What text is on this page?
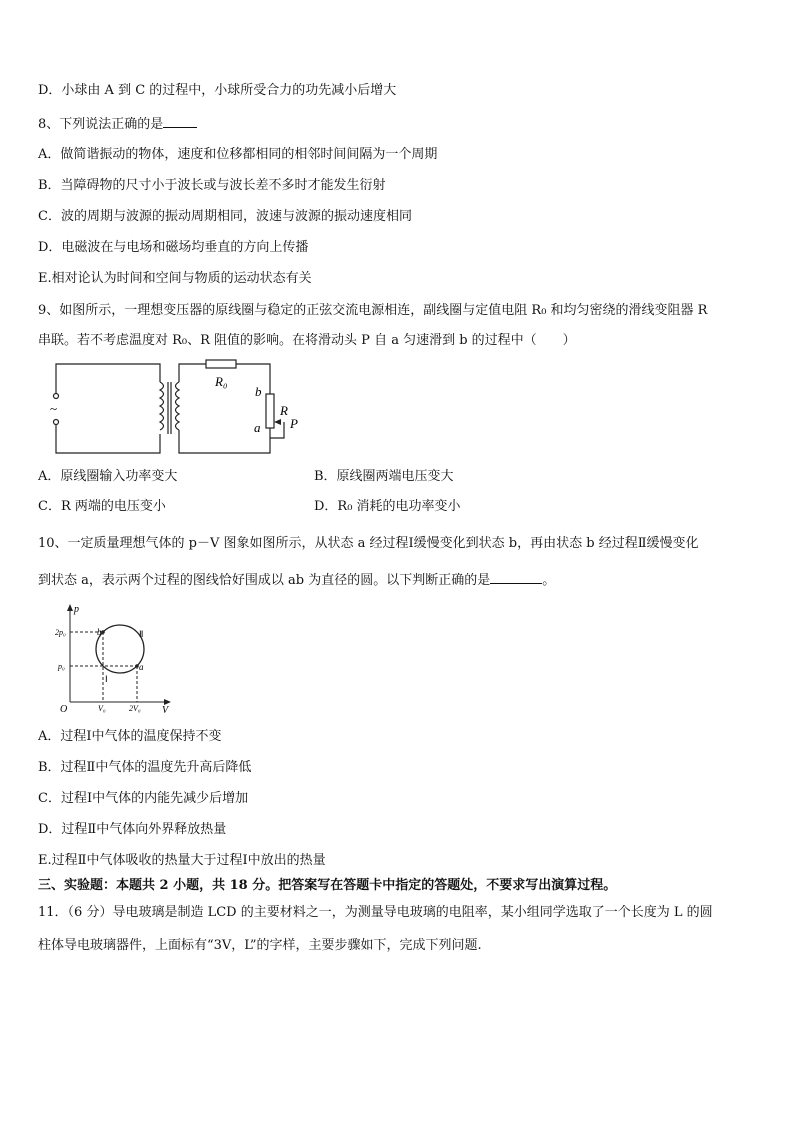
D．小球由 A 到 C 的过程中，小球所受合力的功先减小后增大
8、下列说法正确的是
A．做简谐振动的物体，速度和位移都相同的相邻时间间隔为一个周期
B．当障碍物的尺寸小于波长或与波长差不多时才能发生衍射
C．波的周期与波源的振动周期相同，波速与波源的振动速度相同
D．电磁波在与电场和磁场均垂直的方向上传播
E.相对论认为时间和空间与物质的运动状态有关
9、如图所示，一理想变压器的原线圈与稳定的正弦交流电源相连，副线圈与定值电阻 R₀ 和均匀密绕的滑线变阻器 R
串联。若不考虑温度对 R₀、R 阻值的影响。在将滑动头 P 自 a 匀速滑到 b 的过程中（　　）
~
R₀
b
R
a P
A．原线圈输入功率变大	B．原线圈两端电压变大
C．R 两端的电压变小	D．R₀ 消耗的电功率变小
10、一定质量理想气体的 p－V 图象如图所示，从状态 a 经过程Ⅰ缓慢变化到状态 b，再由状态 b 经过程Ⅱ缓慢变化
到状态 a，表示两个过程的图线恰好围成以 ab 为直径的圆。以下判断正确的是	。
p
V
O
2p₀
p₀
V₀	2V₀
b
a
Ⅰ
Ⅱ
A．过程Ⅰ中气体的温度保持不变
B．过程Ⅱ中气体的温度先升高后降低
C．过程Ⅰ中气体的内能先减少后增加
D．过程Ⅱ中气体向外界释放热量
E.过程Ⅱ中气体吸收的热量大于过程Ⅰ中放出的热量
三、实验题：本题共 2 小题，共 18 分。把答案写在答题卡中指定的答题处，不要求写出演算过程。
11．（6 分）导电玻璃是制造 LCD 的主要材料之一，为测量导电玻璃的电阻率，某小组同学选取了一个长度为 L 的圆
柱体导电玻璃器件，上面标有“3V，L”的字样，主要步骤如下，完成下列问题.
